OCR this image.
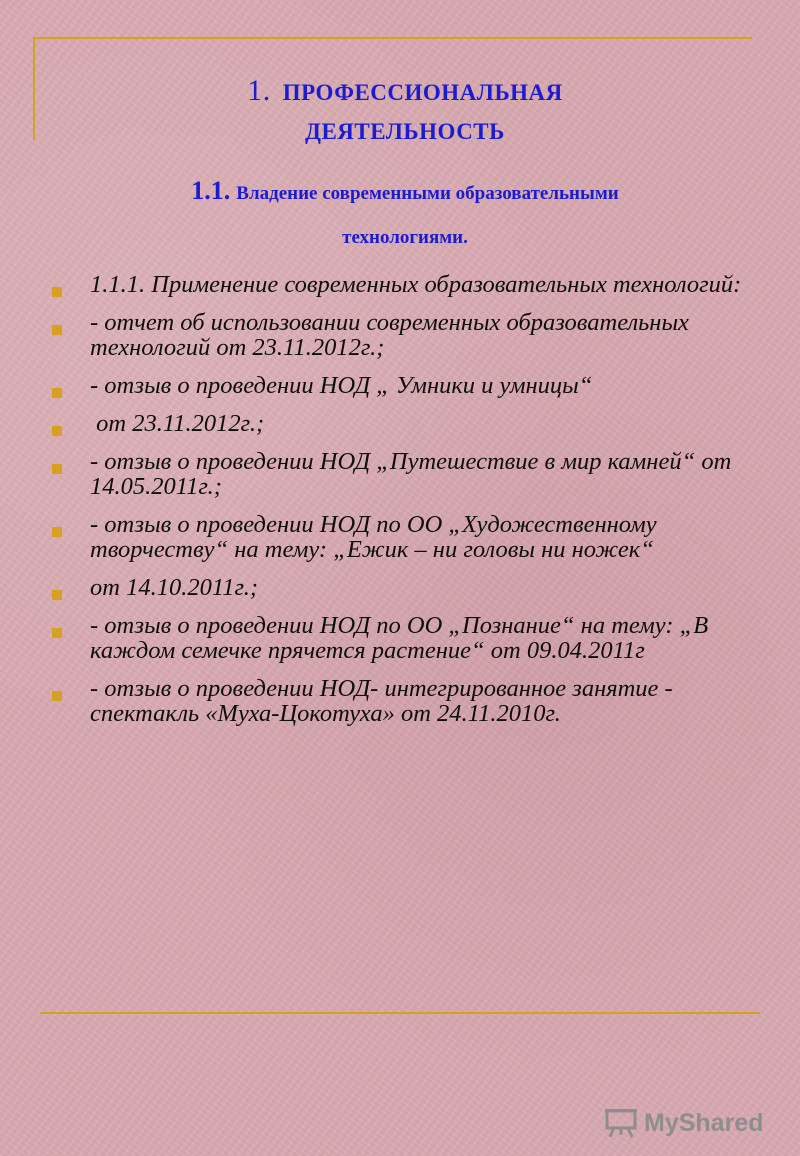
1. ПРОФЕССИОНАЛЬНАЯ
ДЕЯТЕЛЬНОСТЬ
1.1. Владение современными образовательными
технологиями.
1.1.1. Применение современных образовательных технологий:
- отчет об использовании современных образовательных технологий от 23.11.2012г.;
- отзыв о проведении НОД „ Умники и умницы“
от 23.11.2012г.;
- отзыв о проведении НОД „Путешествие в мир камней“ от 14.05.2011г.;
- отзыв о проведении НОД по ОО „Художественному творчеству“ на тему: „Ежик – ни головы ни ножек“
от 14.10.2011г.;
- отзыв о проведении НОД по ОО „Познание“ на тему: „В каждом семечке прячется растение“ от 09.04.2011г
- отзыв о проведении НОД- интегрированное занятие - спектакль «Муха-Цокотуха» от 24.11.2010г.
MyShared
